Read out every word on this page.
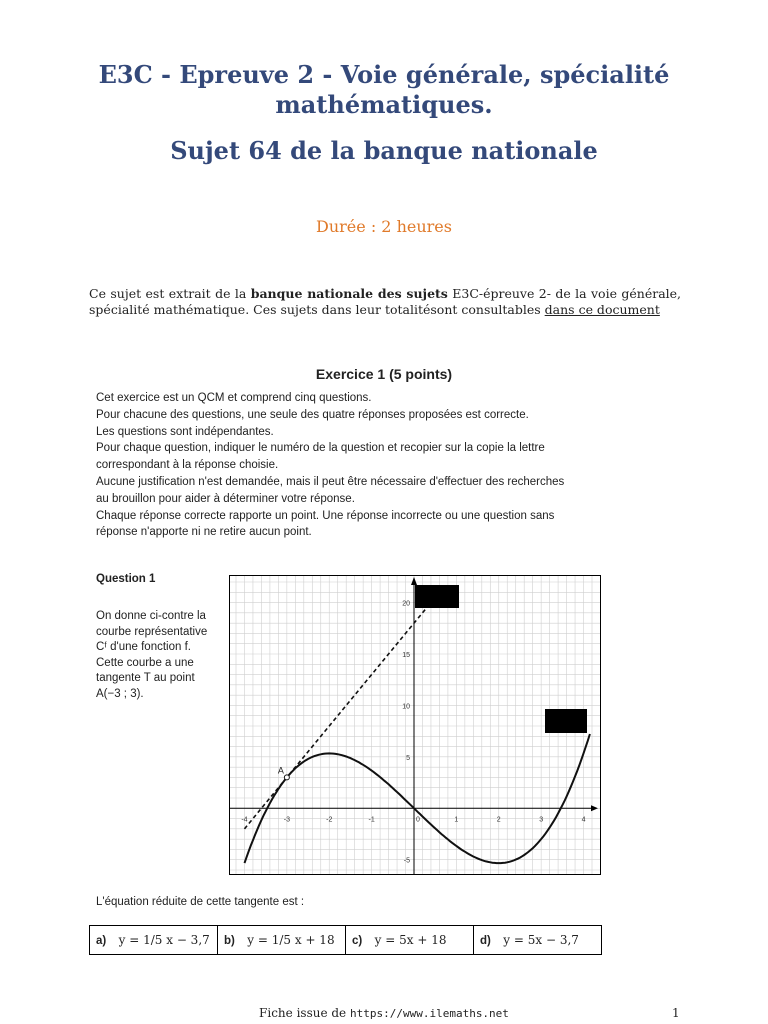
E3C - Epreuve 2 - Voie générale, spécialité
mathématiques.
Sujet 64 de la banque nationale
Durée : 2 heures
Ce sujet est extrait de la banque nationale des sujets E3C-épreuve 2- de la voie générale, spécialité mathématique. Ces sujets dans leur totalitésont consultables dans ce document
Exercice 1 (5 points)
Cet exercice est un QCM et comprend cinq questions.
Pour chacune des questions, une seule des quatre réponses proposées est correcte.
Les questions sont indépendantes.
Pour chaque question, indiquer le numéro de la question et recopier sur la copie la lettre
correspondant à la réponse choisie.
Aucune justification n'est demandée, mais il peut être nécessaire d'effectuer des recherches
au brouillon pour aider à déterminer votre réponse.
Chaque réponse correcte rapporte un point. Une réponse incorrecte ou une question sans
réponse n'apporte ni ne retire aucun point.
Question 1
On donne ci-contre la
courbe représentative
Cᶠ d'une fonction f.
Cette courbe a une
tangente T au point
A(−3 ; 3).
-4	-3	-2	-1	0	1	2	3	4
-5
5
10
15
20
A
L'équation réduite de cette tangente est :
a) y = 1/5 x − 3,7	b) y = 1/5 x + 18	c) y = 5x + 18	d) y = 5x − 3,7
Fiche issue de https://www.ilemaths.net	1
